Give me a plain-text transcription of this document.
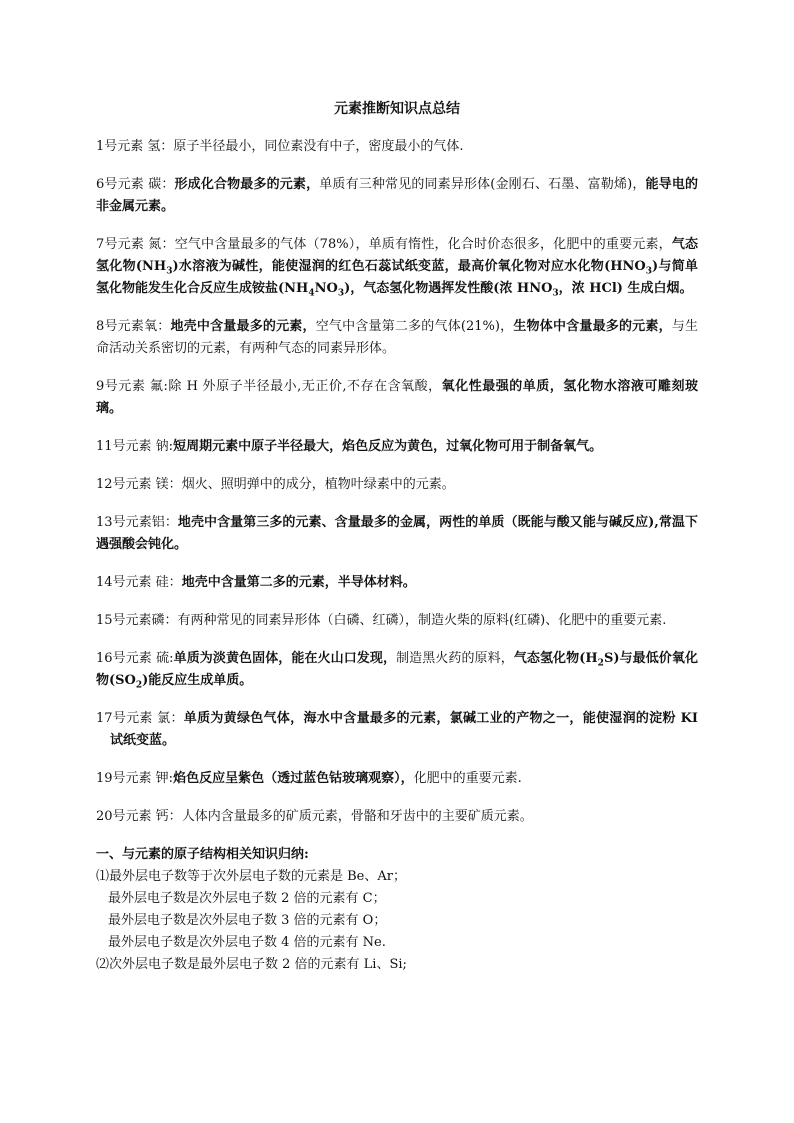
元素推断知识点总结

1号元素 氢：原子半径最小，同位素没有中子，密度最小的气体.

6号元素 碳：形成化合物最多的元素，单质有三种常见的同素异形体(金刚石、石墨、富勒烯)，能导电的非金属元素。

7号元素 氮：空气中含量最多的气体（78%），单质有惰性，化合时价态很多，化肥中的重要元素，气态氢化物$(NH_3)$水溶液为碱性，能使湿润的红色石蕊试纸变蓝，最高价氧化物对应水化物$(HNO_3)$与简单氢化物能发生化合反应生成铵盐$(NH_4NO_3)$，气态氢化物遇挥发性酸(浓 $HNO_3$，浓 HCl) 生成白烟。

8号元素氧：地壳中含量最多的元素，空气中含量第二多的气体(21%)，生物体中含量最多的元素，与生命活动关系密切的元素，有两种气态的同素异形体。

9号元素 氟:除 H 外原子半径最小,无正价,不存在含氧酸，氧化性最强的单质，氢化物水溶液可雕刻玻璃。

11号元素 钠:短周期元素中原子半径最大，焰色反应为黄色，过氧化物可用于制备氧气。

12号元素 镁：烟火、照明弹中的成分，植物叶绿素中的元素。

13号元素铝：地壳中含量第三多的元素、含量最多的金属，两性的单质（既能与酸又能与碱反应),常温下遇强酸会钝化。

14号元素 硅：地壳中含量第二多的元素，半导体材料。

15号元素磷：有两种常见的同素异形体（白磷、红磷），制造火柴的原料(红磷)、化肥中的重要元素.

16号元素 硫:单质为淡黄色固体，能在火山口发现，制造黑火药的原料，气态氢化物$(H_2S)$与最低价氧化物$(SO_2)$能反应生成单质。

17号元素 氯：单质为黄绿色气体，海水中含量最多的元素，氯碱工业的产物之一，能使湿润的淀粉 KI 试纸变蓝。

19号元素 钾:焰色反应呈紫色（透过蓝色钴玻璃观察），化肥中的重要元素.

20号元素 钙：人体内含量最多的矿质元素，骨骼和牙齿中的主要矿质元素。

一、与元素的原子结构相关知识归纳:

⑴最外层电子数等于次外层电子数的元素是 Be、Ar；

最外层电子数是次外层电子数 2 倍的元素有 C；

最外层电子数是次外层电子数 3 倍的元素有 O；

最外层电子数是次外层电子数 4 倍的元素有 Ne.

⑵次外层电子数是最外层电子数 2 倍的元素有 Li、Si;
